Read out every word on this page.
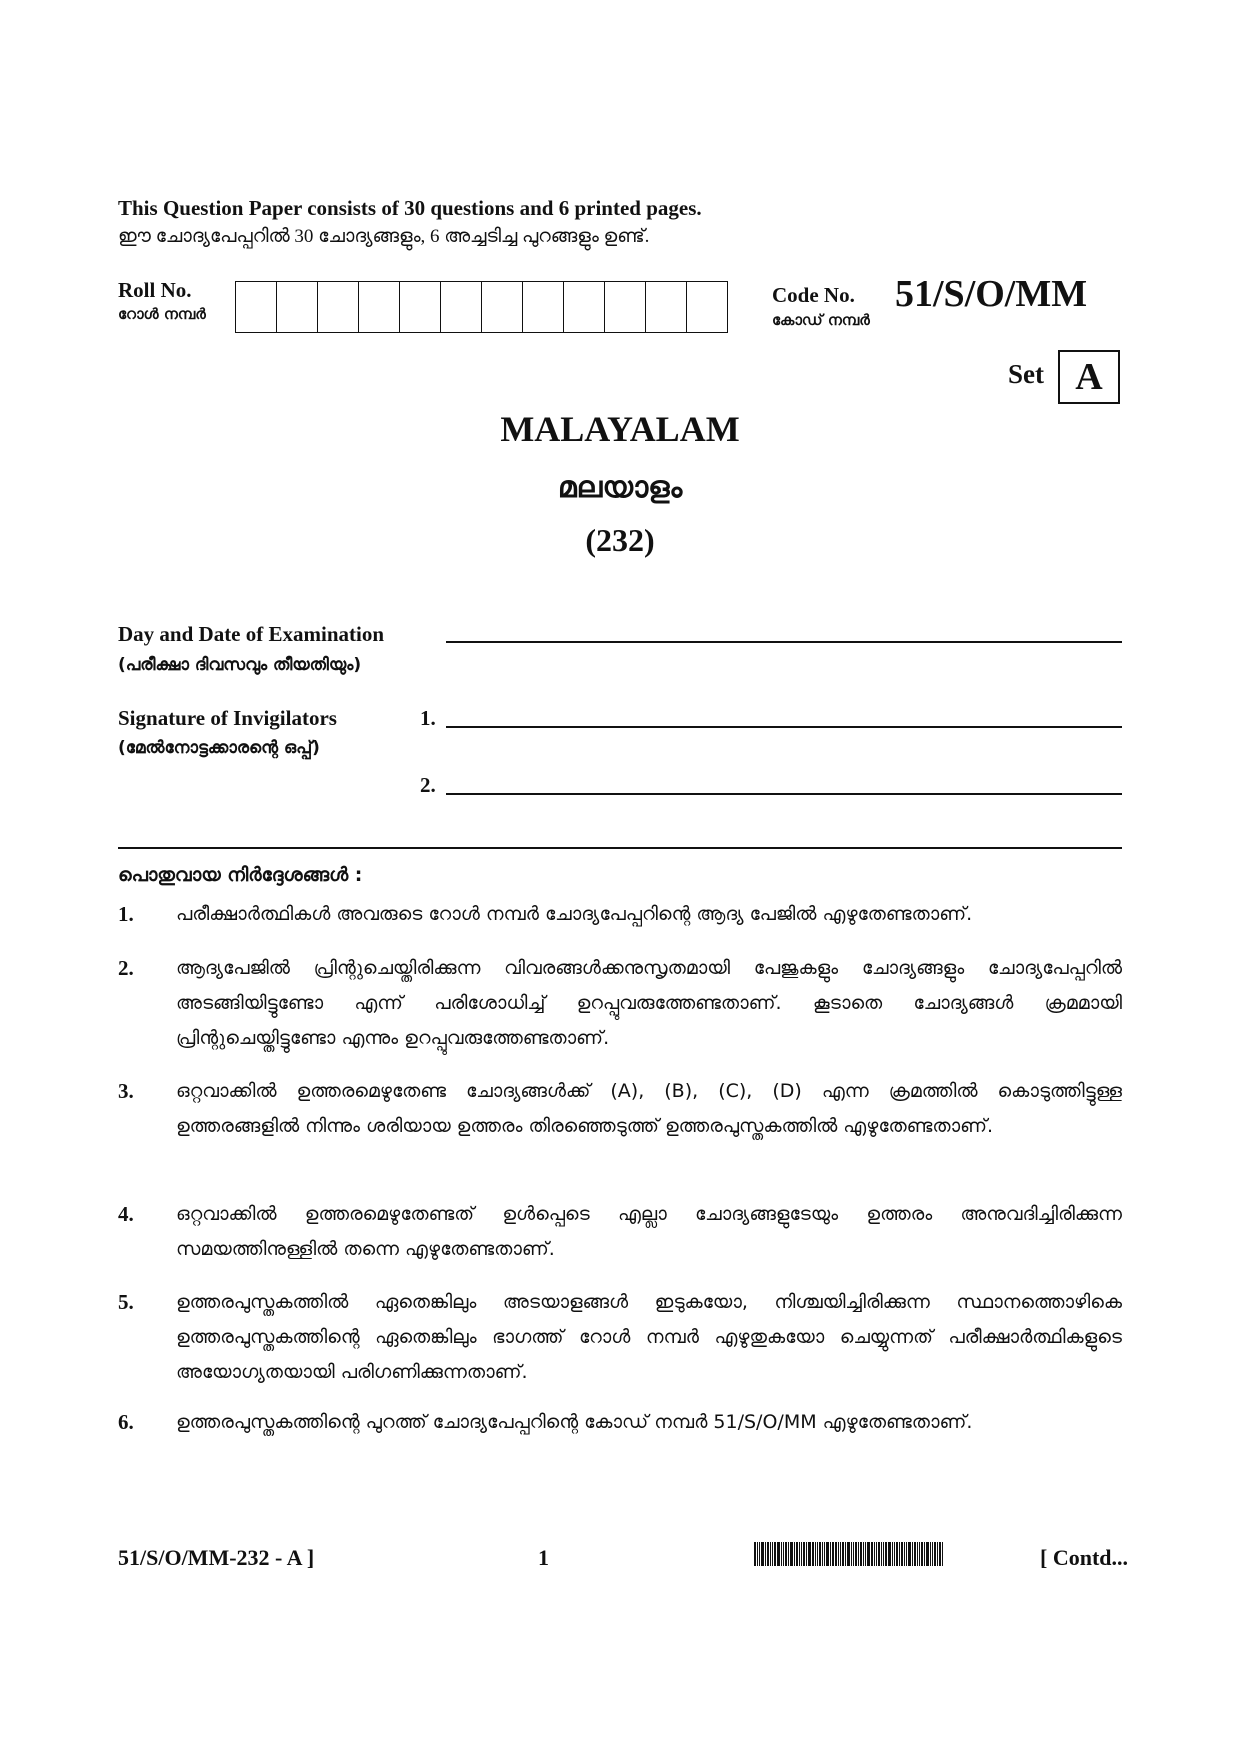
This Question Paper consists of 30 questions and 6 printed pages.
ഈ ചോദ്യപേപ്പറിൽ 30 ചോദ്യങ്ങളും, 6 അച്ചടിച്ച പുറങ്ങളും ഉണ്ട്.
Roll No.
റോൾ നമ്പർ
Code No.
കോഡ് നമ്പർ
51/S/O/MM
Set A
MALAYALAM
മലയാളം
(232)
Day and Date of Examination
(പരീക്ഷാ ദിവസവും തീയതിയും)
Signature of Invigilators
(മേൽനോട്ടക്കാരന്റെ ഒപ്പ്)
1.
2.
പൊതുവായ നിർദ്ദേശങ്ങൾ :
1. പരീക്ഷാർത്ഥികൾ അവരുടെ റോൾ നമ്പർ ചോദ്യപേപ്പറിന്റെ ആദ്യ പേജിൽ എഴുതേണ്ടതാണ്.
2. ആദ്യപേജിൽ പ്രിന്റുചെയ്തിരിക്കുന്ന വിവരങ്ങൾക്കനുസൃതമായി പേജുകളും ചോദ്യങ്ങളും ചോദ്യപേപ്പറിൽ അടങ്ങിയിട്ടുണ്ടോ എന്ന് പരിശോധിച്ച് ഉറപ്പുവരുത്തേണ്ടതാണ്. കൂടാതെ ചോദ്യങ്ങൾ ക്രമമായി പ്രിന്റുചെയ്തിട്ടുണ്ടോ എന്നും ഉറപ്പുവരുത്തേണ്ടതാണ്.
3. ഒറ്റവാക്കിൽ ഉത്തരമെഴുതേണ്ട ചോദ്യങ്ങൾക്ക് (A), (B), (C), (D) എന്ന ക്രമത്തിൽ കൊടുത്തിട്ടുള്ള ഉത്തരങ്ങളിൽ നിന്നും ശരിയായ ഉത്തരം തിരഞ്ഞെടുത്ത് ഉത്തരപുസ്തകത്തിൽ എഴുതേണ്ടതാണ്.
4. ഒറ്റവാക്കിൽ ഉത്തരമെഴുതേണ്ടത് ഉൾപ്പെടെ എല്ലാ ചോദ്യങ്ങളുടേയും ഉത്തരം അനുവദിച്ചിരിക്കുന്ന സമയത്തിനുള്ളിൽ തന്നെ എഴുതേണ്ടതാണ്.
5. ഉത്തരപുസ്തകത്തിൽ ഏതെങ്കിലും അടയാളങ്ങൾ ഇടുകയോ, നിശ്ചയിച്ചിരിക്കുന്ന സ്ഥാനത്തൊഴികെ ഉത്തരപുസ്തകത്തിന്റെ ഏതെങ്കിലും ഭാഗത്ത് റോൾ നമ്പർ എഴുതുകയോ ചെയ്യുന്നത് പരീക്ഷാർത്ഥികളുടെ അയോഗ്യതയായി പരിഗണിക്കുന്നതാണ്.
6. ഉത്തരപുസ്തകത്തിന്റെ പുറത്ത് ചോദ്യപേപ്പറിന്റെ കോഡ് നമ്പർ 51/S/O/MM എഴുതേണ്ടതാണ്.
51/S/O/MM-232 - A ]	1	[ Contd...
